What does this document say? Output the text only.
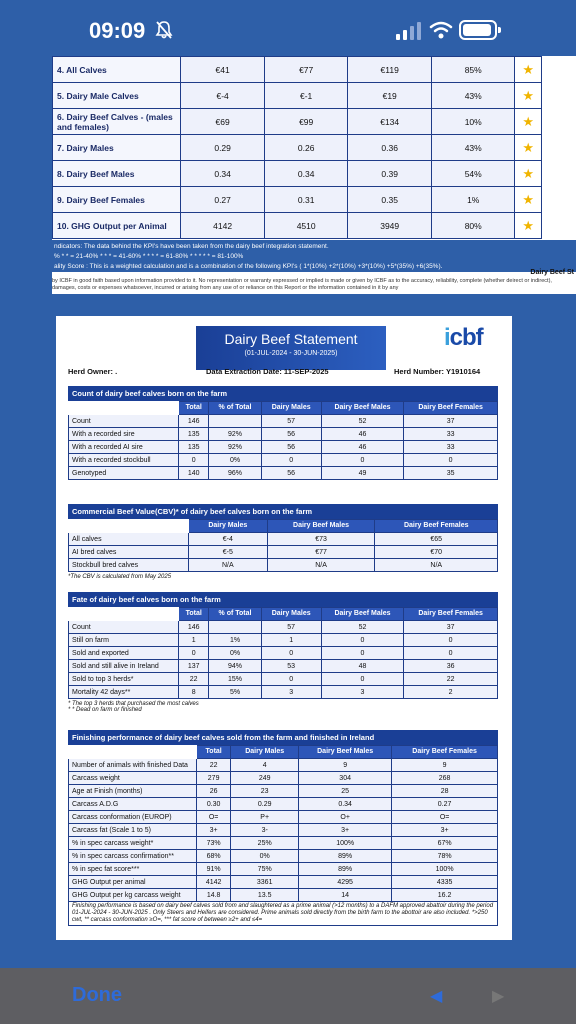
09:09
4. All Calves	€41	€77	€119	85%	★
5. Dairy Male Calves	€-4	€-1	€19	43%	★
6. Dairy Beef Calves - (males and females)	€69	€99	€134	10%	★
7. Dairy Males	0.29	0.26	0.36	43%	★
8. Dairy Beef Males	0.34	0.34	0.39	54%	★
9. Dairy Beef Females	0.27	0.31	0.35	1%	★
10. GHG Output per Animal	4142	4510	3949	80%	★
ndicators: The data behind the KPI's have been taken from the dairy beef integration statement.
% * * = 21-40% * * * = 41-60% * * * * = 61-80% * * * * * = 81-100%
ality Score : This is a weighted calculation and is a combination of the following KPI's ( 1*(10%) +2*(10%) +3*(10%) +5*(35%) +6(35%).
Dairy Beef St
by ICBF in good faith based upon information provided to it. No representation or warranty expressed or implied is made or given by ICBF as to the accuracy, reliability, complete (whether deirect or indirect), damages, costs or expenses whatsoever, incurred or arising from any use of or reliance on this Report or the information contained in it by any
Dairy Beef Statement
(01-JUL-2024 - 30-JUN-2025)
icbf
Herd Owner: .	Data Extraction Date: 11-SEP-2025	Herd Number: Y1910164
Count of dairy beef calves born on the farm
	Total	% of Total	Dairy Males	Dairy Beef Males	Dairy Beef Females
Count	146		57	52	37
With a recorded sire	135	92%	56	46	33
With a recorded AI sire	135	92%	56	46	33
With a recorded stockbull	0	0%	0	0	0
Genotyped	140	96%	56	49	35
Commercial Beef Value(CBV)* of dairy beef calves born on the farm
	Dairy Males	Dairy Beef Males	Dairy Beef Females
All calves	€-4	€73	€65
AI bred calves	€-5	€77	€70
Stockbull bred calves	N/A	N/A	N/A
*The CBV is calculated from May 2025
Fate of dairy beef calves born on the farm
	Total	% of Total	Dairy Males	Dairy Beef Males	Dairy Beef Females
Count	146		57	52	37
Still on farm	1	1%	1	0	0
Sold and exported	0	0%	0	0	0
Sold and still alive in Ireland	137	94%	53	48	36
Sold to top 3 herds*	22	15%	0	0	22
Mortality 42 days**	8	5%	3	3	2
* The top 3 herds that purchased the most calves
* * Dead on farm or finished
Finishing performance of dairy beef calves sold from the farm and finished in Ireland
	Total	Dairy Males	Dairy Beef Males	Dairy Beef Females
Number of animals with finished Data	22	4	9	9
Carcass weight	279	249	304	268
Age at Finish (months)	26	23	25	28
Carcass A.D.G	0.30	0.29	0.34	0.27
Carcass conformation (EUROP)	O=	P+	O+	O=
Carcass fat (Scale 1 to 5)	3+	3-	3+	3+
% in spec carcass weight*	73%	25%	100%	67%
% in spec carcass confirmation**	68%	0%	89%	78%
% in spec fat score***	91%	75%	89%	100%
GHG Output per animal	4142	3361	4295	4335
GHG Output per kg carcass weight	14.8	13.5	14	16.2
Finishing performance is based on dairy beef calves sold from and slaughtered as a prime animal (>12 months) to a DAFM approved abattoir during the period 01-JUL-2024 - 30-JUN-2025 . Only Steers and Heifers are considered. Prime animals sold directly from the birth farm to the abottoir are also included. *>250 cwt, ** carcass conformation ≥O=, *** fat score of between ≥2+ and ≤4=
Done	◀	▶
